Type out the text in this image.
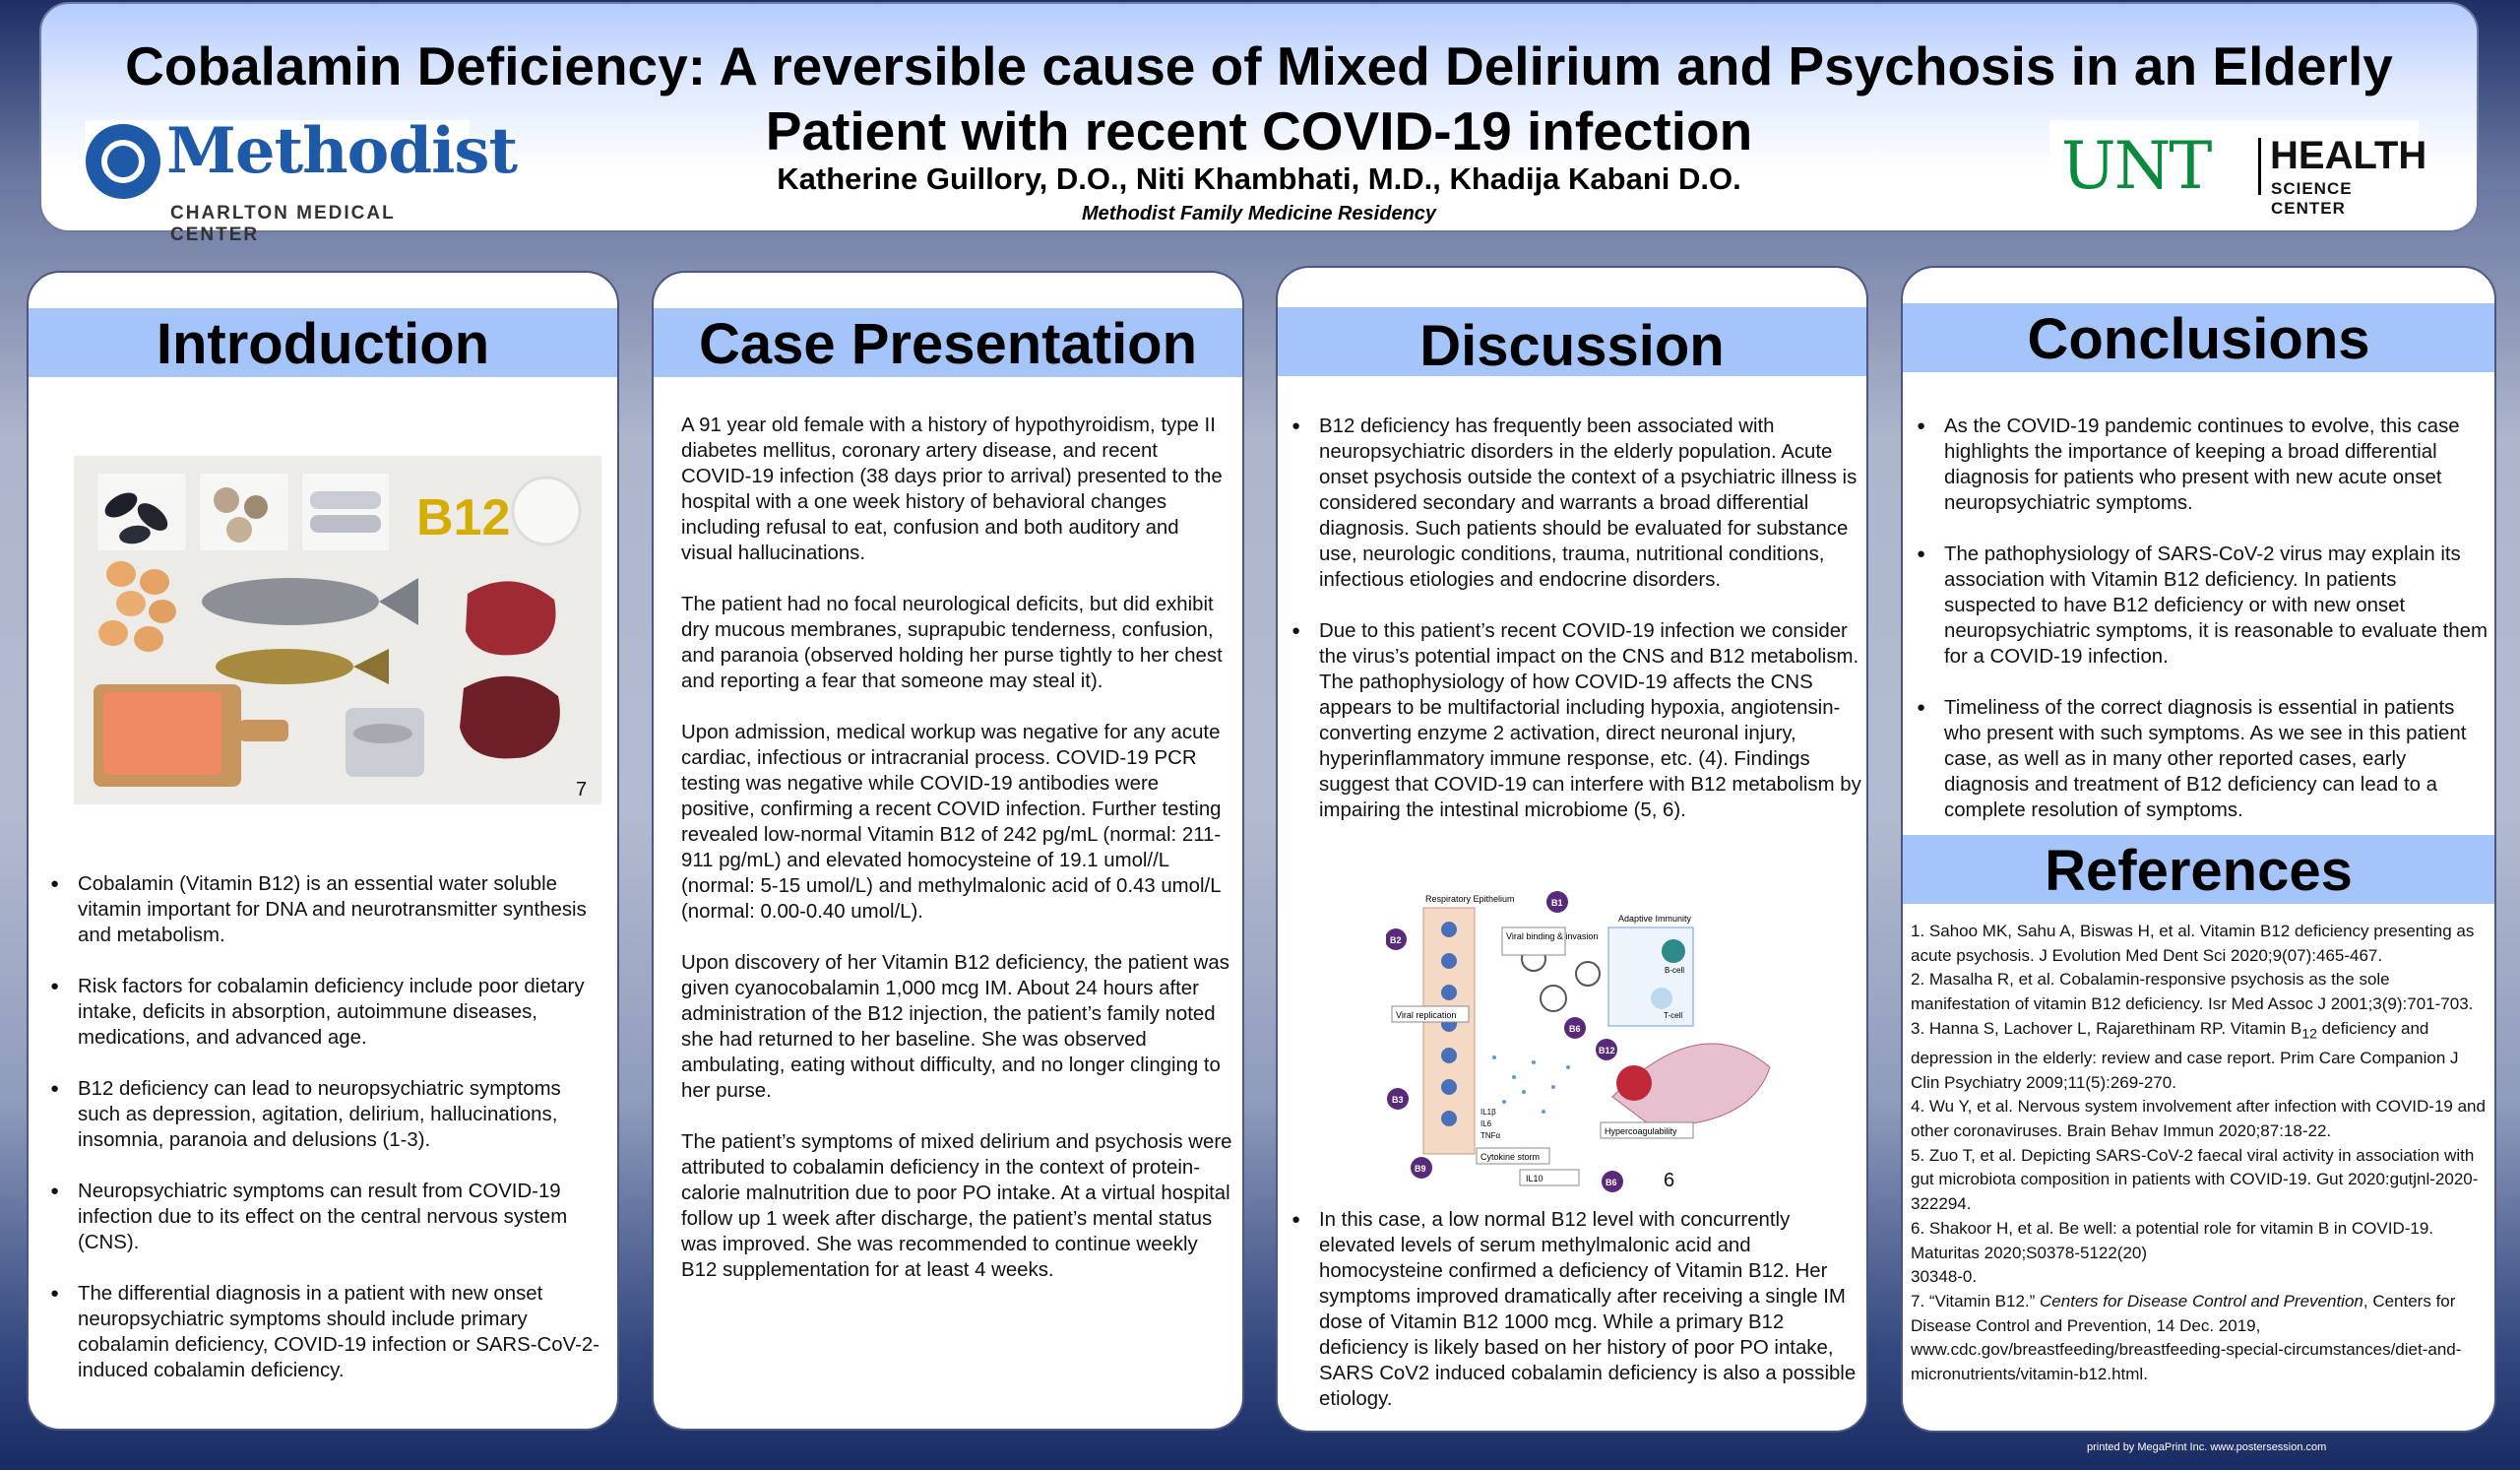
Cobalamin Deficiency: A reversible cause of Mixed Delirium and Psychosis in an Elderly
Patient with recent COVID-19 infection
Katherine Guillory, D.O., Niti Khambhati, M.D., Khadija Kabani D.O.
Methodist Family Medicine Residency
Methodist
CHARLTON MEDICAL CENTER
UNT HEALTH
SCIENCE CENTER
Introduction
B12
7
● Cobalamin (Vitamin B12) is an essential water soluble vitamin important for DNA and neurotransmitter synthesis and metabolism.
● Risk factors for cobalamin deficiency include poor dietary intake, deficits in absorption, autoimmune diseases, medications, and advanced age.
● B12 deficiency can lead to neuropsychiatric symptoms such as depression, agitation, delirium, hallucinations, insomnia, paranoia and delusions (1-3).
● Neuropsychiatric symptoms can result from COVID-19 infection due to its effect on the central nervous system (CNS).
● The differential diagnosis in a patient with new onset neuropsychiatric symptoms should include primary cobalamin deficiency, COVID-19 infection or SARS-CoV-2-induced cobalamin deficiency.
Case Presentation

A 91 year old female with a history of hypothyroidism, type II diabetes mellitus, coronary artery disease, and recent COVID-19 infection (38 days prior to arrival) presented to the hospital with a one week history of behavioral changes including refusal to eat, confusion and both auditory and visual hallucinations.

The patient had no focal neurological deficits, but did exhibit dry mucous membranes, suprapubic tenderness, confusion, and paranoia (observed holding her purse tightly to her chest and reporting a fear that someone may steal it).

Upon admission, medical workup was negative for any acute cardiac, infectious or intracranial process. COVID-19 PCR testing was negative while COVID-19 antibodies were positive, confirming a recent COVID infection. Further testing revealed low-normal Vitamin B12 of 242 pg/mL (normal: 211-911 pg/mL) and elevated homocysteine of 19.1 umol//L (normal: 5-15 umol/L) and methylmalonic acid of 0.43 umol/L (normal: 0.00-0.40 umol/L).

Upon discovery of her Vitamin B12 deficiency, the patient was given cyanocobalamin 1,000 mcg IM. About 24 hours after administration of the B12 injection, the patient’s family noted she had returned to her baseline. She was observed ambulating, eating without difficulty, and no longer clinging to her purse.

The patient’s symptoms of mixed delirium and psychosis were attributed to cobalamin deficiency in the context of protein-calorie malnutrition due to poor PO intake. At a virtual hospital follow up 1 week after discharge, the patient’s mental status was improved. She was recommended to continue weekly B12 supplementation for at least 4 weeks.

Discussion
● B12 deficiency has frequently been associated with neuropsychiatric disorders in the elderly population. Acute onset psychosis outside the context of a psychiatric illness is considered secondary and warrants a broad differential diagnosis. Such patients should be evaluated for substance use, neurologic conditions, trauma, nutritional conditions, infectious etiologies and endocrine disorders.
● Due to this patient’s recent COVID-19 infection we consider the virus’s potential impact on the CNS and B12 metabolism. The pathophysiology of how COVID-19 affects the CNS appears to be multifactorial including hypoxia, angiotensin-converting enzyme 2 activation, direct neuronal injury, hyperinflammatory immune response, etc. (4). Findings suggest that COVID-19 can interfere with B12 metabolism by impairing the intestinal microbiome (5, 6).
Respiratory Epithelium
Viral binding & invasion
Viral replication
Adaptive Immunity
B-cell
T-cell
IL1β
IL6
TNFα
Cytokine storm
Hypercoagulability
IL10
B1
B2
B6
B12
B3
B9
B6 6
● In this case, a low normal B12 level with concurrently elevated levels of serum methylmalonic acid and homocysteine confirmed a deficiency of Vitamin B12. Her symptoms improved dramatically after receiving a single IM dose of Vitamin B12 1000 mcg. While a primary B12 deficiency is likely based on her history of poor PO intake, SARS CoV2 induced cobalamin deficiency is also a possible etiology.
Conclusions
● As the COVID-19 pandemic continues to evolve, this case highlights the importance of keeping a broad differential diagnosis for patients who present with new acute onset neuropsychiatric symptoms.
● The pathophysiology of SARS-CoV-2 virus may explain its association with Vitamin B12 deficiency. In patients suspected to have B12 deficiency or with new onset neuropsychiatric symptoms, it is reasonable to evaluate them for a COVID-19 infection.
● Timeliness of the correct diagnosis is essential in patients who present with such symptoms. As we see in this patient case, as well as in many other reported cases, early diagnosis and treatment of B12 deficiency can lead to a complete resolution of symptoms.
References
1. Sahoo MK, Sahu A, Biswas H, et al. Vitamin B12 deficiency presenting as acute psychosis. J Evolution Med Dent Sci 2020;9(07):465-467.
2. Masalha R, et al. Cobalamin-responsive psychosis as the sole manifestation of vitamin B12 deficiency. Isr Med Assoc J 2001;3(9):701-703.
3. Hanna S, Lachover L, Rajarethinam RP. Vitamin $B_{12}$ deficiency and depression in the elderly: review and case report. Prim Care Companion J Clin Psychiatry 2009;11(5):269-270.
4. Wu Y, et al. Nervous system involvement after infection with COVID-19 and other coronaviruses. Brain Behav Immun 2020;87:18-22.
5. Zuo T, et al. Depicting SARS-CoV-2 faecal viral activity in association with gut microbiota composition in patients with COVID-19. Gut 2020:gutjnl-2020-322294.
6. Shakoor H, et al. Be well: a potential role for vitamin B in COVID-19. Maturitas 2020;S0378-5122(20)
30348-0.
7. “Vitamin B12.” Centers for Disease Control and Prevention, Centers for Disease Control and Prevention, 14 Dec. 2019, www.cdc.gov/breastfeeding/breastfeeding-special-circumstances/diet-and-micronutrients/vitamin-b12.html.
printed by MegaPrint Inc. www.postersession.com
